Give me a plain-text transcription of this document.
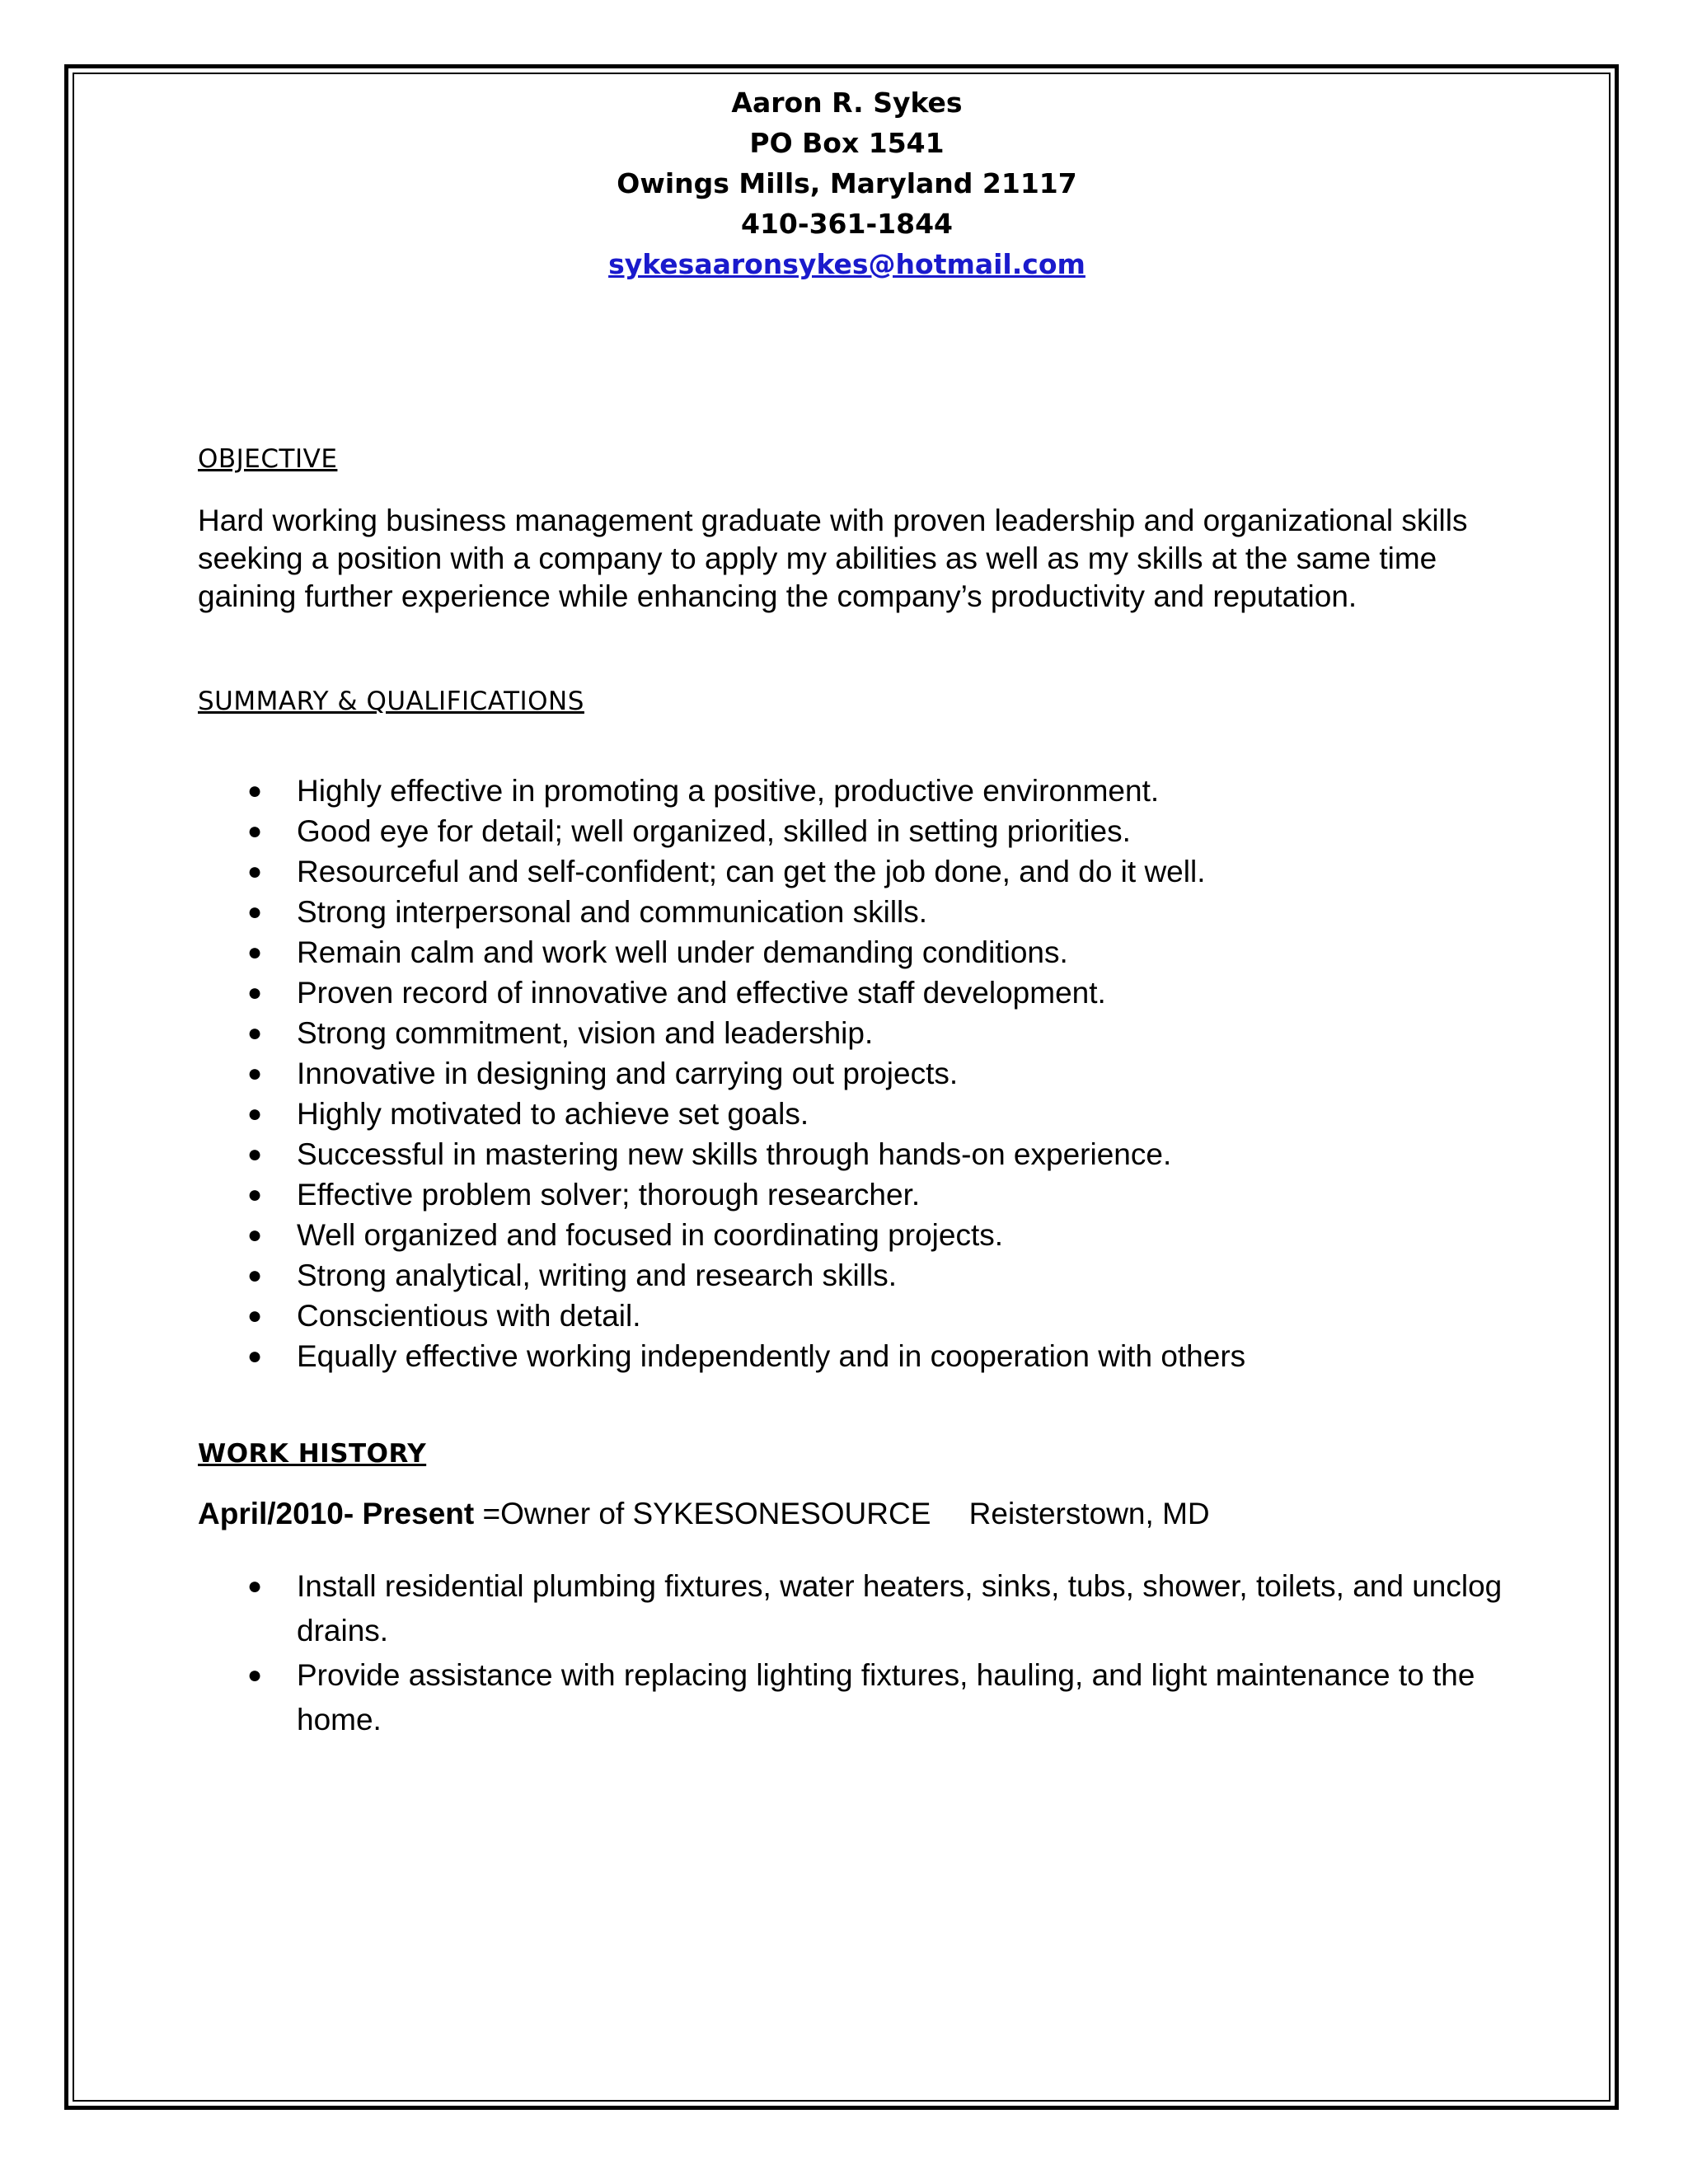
Aaron R. Sykes
PO Box 1541
Owings Mills, Maryland 21117
410-361-1844
sykesaaronsykes@hotmail.com
OBJECTIVE
Hard working business management graduate with proven leadership and organizational skills seeking a position with a company to apply my abilities as well as my skills at the same time gaining further experience while enhancing the company’s productivity and reputation.
SUMMARY & QUALIFICATIONS
● Highly effective in promoting a positive, productive environment.
● Good eye for detail; well organized, skilled in setting priorities.
● Resourceful and self-confident; can get the job done, and do it well.
● Strong interpersonal and communication skills.
● Remain calm and work well under demanding conditions.
● Proven record of innovative and effective staff development.
● Strong commitment, vision and leadership.
● Innovative in designing and carrying out projects.
● Highly motivated to achieve set goals.
● Successful in mastering new skills through hands-on experience.
● Effective problem solver; thorough researcher.
● Well organized and focused in coordinating projects.
● Strong analytical, writing and research skills.
● Conscientious with detail.
● Equally effective working independently and in cooperation with others
WORK HISTORY
April/2010- Present =Owner of SYKESONESOURCE Reisterstown, MD
● Install residential plumbing fixtures, water heaters, sinks, tubs, shower, toilets, and unclog drains.
● Provide assistance with replacing lighting fixtures, hauling, and light maintenance to the home.
